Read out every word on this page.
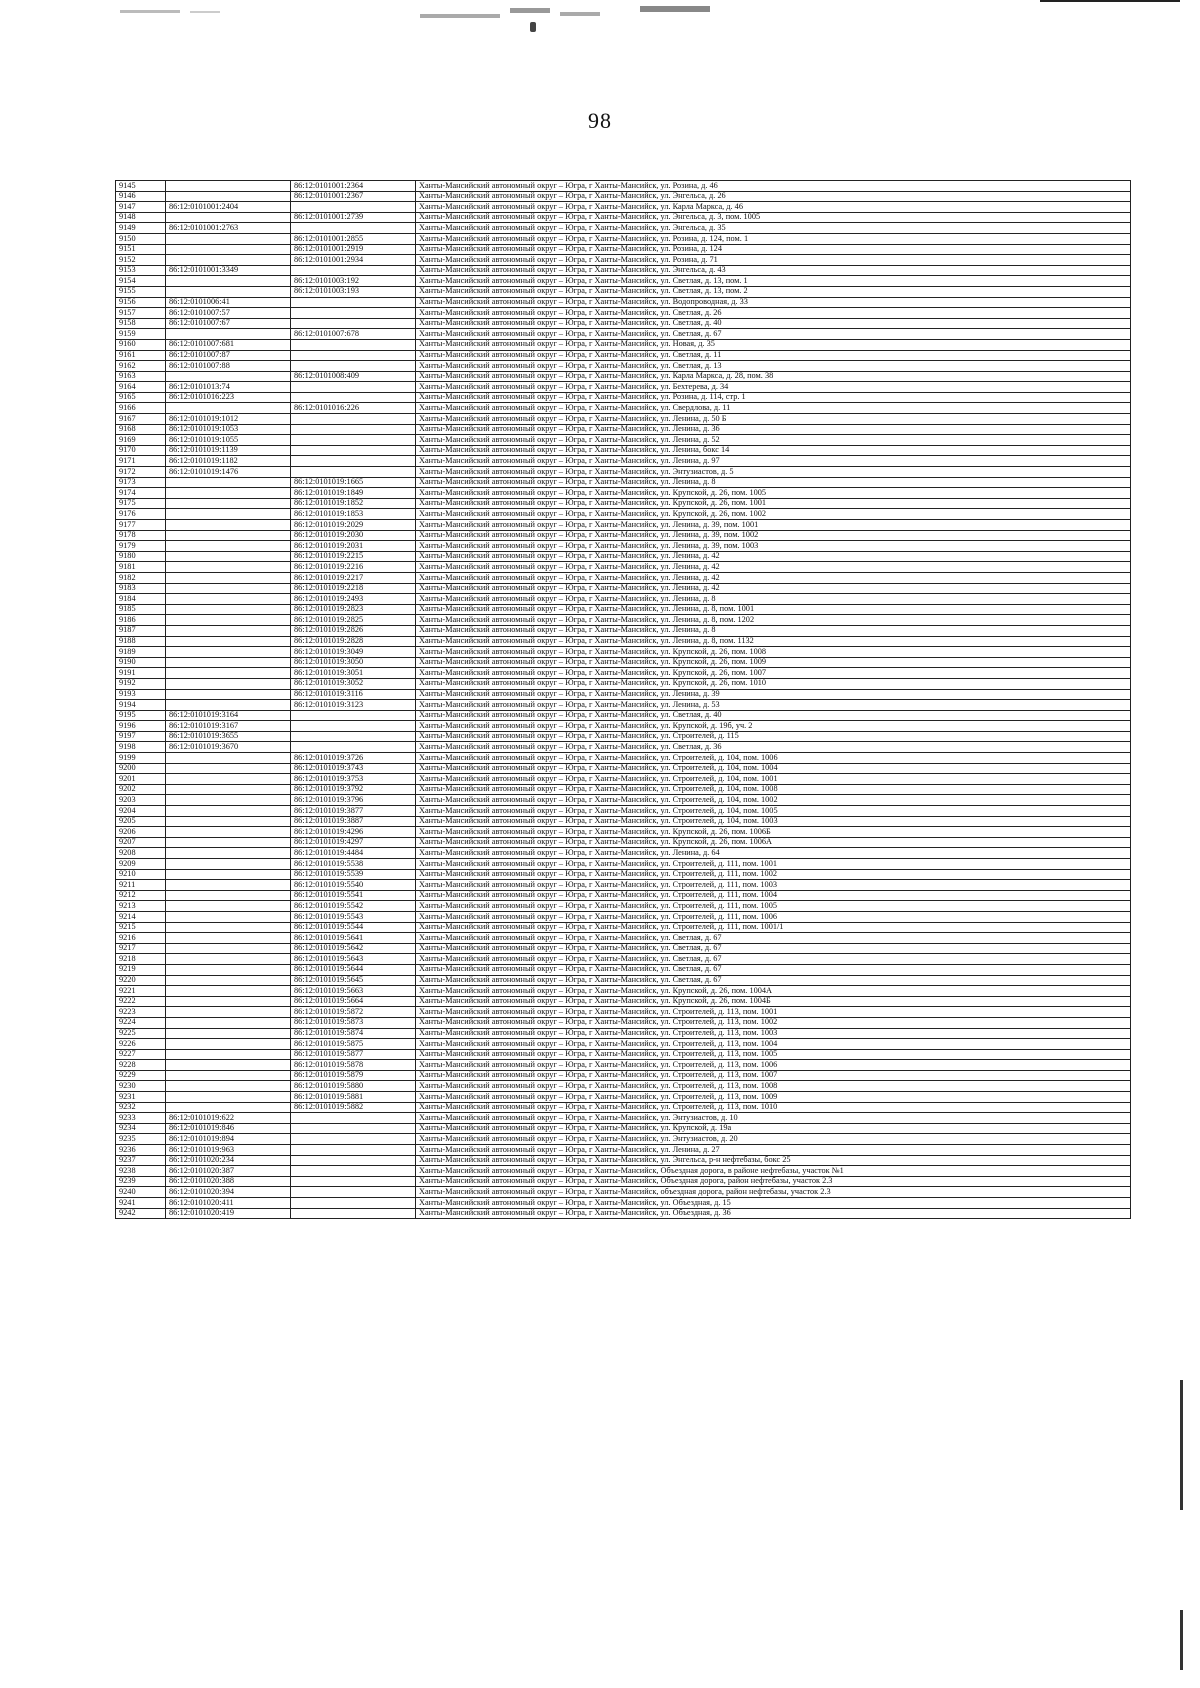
98
9145		86:12:0101001:2364	Ханты-Мансийский автономный округ – Югра, г Ханты-Мансийск, ул. Розина, д. 46
9146		86:12:0101001:2367	Ханты-Мансийский автономный округ – Югра, г Ханты-Мансийск, ул. Энгельса, д. 26
9147	86:12:0101001:2404		Ханты-Мансийский автономный округ – Югра, г Ханты-Мансийск, ул. Карла Маркса, д. 46
9148		86:12:0101001:2739	Ханты-Мансийский автономный округ – Югра, г Ханты-Мансийск, ул. Энгельса, д. 3, пом. 1005
9149	86:12:0101001:2763		Ханты-Мансийский автономный округ – Югра, г Ханты-Мансийск, ул. Энгельса, д. 35
9150		86:12:0101001:2855	Ханты-Мансийский автономный округ – Югра, г Ханты-Мансийск, ул. Розина, д. 124, пом. 1
9151		86:12:0101001:2919	Ханты-Мансийский автономный округ – Югра, г Ханты-Мансийск, ул. Розина, д. 124
9152		86:12:0101001:2934	Ханты-Мансийский автономный округ – Югра, г Ханты-Мансийск, ул. Розина, д. 71
9153	86:12:0101001:3349		Ханты-Мансийский автономный округ – Югра, г Ханты-Мансийск, ул. Энгельса, д. 43
9154		86:12:0101003:192	Ханты-Мансийский автономный округ – Югра, г Ханты-Мансийск, ул. Светлая, д. 13, пом. 1
9155		86:12:0101003:193	Ханты-Мансийский автономный округ – Югра, г Ханты-Мансийск, ул. Светлая, д. 13, пом. 2
9156	86:12:0101006:41		Ханты-Мансийский автономный округ – Югра, г Ханты-Мансийск, ул. Водопроводная, д. 33
9157	86:12:0101007:57		Ханты-Мансийский автономный округ – Югра, г Ханты-Мансийск, ул. Светлая, д. 26
9158	86:12:0101007:67		Ханты-Мансийский автономный округ – Югра, г Ханты-Мансийск, ул. Светлая, д. 40
9159		86:12:0101007:678	Ханты-Мансийский автономный округ – Югра, г Ханты-Мансийск, ул. Светлая, д. 67
9160	86:12:0101007:681		Ханты-Мансийский автономный округ – Югра, г Ханты-Мансийск, ул. Новая, д. 35
9161	86:12:0101007:87		Ханты-Мансийский автономный округ – Югра, г Ханты-Мансийск, ул. Светлая, д. 11
9162	86:12:0101007:88		Ханты-Мансийский автономный округ – Югра, г Ханты-Мансийск, ул. Светлая, д. 13
9163		86:12:0101008:409	Ханты-Мансийский автономный округ – Югра, г Ханты-Мансийск, ул. Карла Маркса, д. 28, пом. 38
9164	86:12:0101013:74		Ханты-Мансийский автономный округ – Югра, г Ханты-Мансийск, ул. Бехтерева, д. 34
9165	86:12:0101016:223		Ханты-Мансийский автономный округ – Югра, г Ханты-Мансийск, ул. Розина, д. 114, стр. 1
9166		86:12:0101016:226	Ханты-Мансийский автономный округ – Югра, г Ханты-Мансийск, ул. Свердлова, д. 11
9167	86:12:0101019:1012		Ханты-Мансийский автономный округ – Югра, г Ханты-Мансийск, ул. Ленина, д. 50 Б
9168	86:12:0101019:1053		Ханты-Мансийский автономный округ – Югра, г Ханты-Мансийск, ул. Ленина, д. 36
9169	86:12:0101019:1055		Ханты-Мансийский автономный округ – Югра, г Ханты-Мансийск, ул. Ленина, д. 52
9170	86:12:0101019:1139		Ханты-Мансийский автономный округ – Югра, г Ханты-Мансийск, ул. Ленина, бокс 14
9171	86:12:0101019:1182		Ханты-Мансийский автономный округ – Югра, г Ханты-Мансийск, ул. Ленина, д. 97
9172	86:12:0101019:1476		Ханты-Мансийский автономный округ – Югра, г Ханты-Мансийск, ул. Энтузиастов, д. 5
9173		86:12:0101019:1665	Ханты-Мансийский автономный округ – Югра, г Ханты-Мансийск, ул. Ленина, д. 8
9174		86:12:0101019:1849	Ханты-Мансийский автономный округ – Югра, г Ханты-Мансийск, ул. Крупской, д. 26, пом. 1005
9175		86:12:0101019:1852	Ханты-Мансийский автономный округ – Югра, г Ханты-Мансийск, ул. Крупской, д. 26, пом. 1001
9176		86:12:0101019:1853	Ханты-Мансийский автономный округ – Югра, г Ханты-Мансийск, ул. Крупской, д. 26, пом. 1002
9177		86:12:0101019:2029	Ханты-Мансийский автономный округ – Югра, г Ханты-Мансийск, ул. Ленина, д. 39, пом. 1001
9178		86:12:0101019:2030	Ханты-Мансийский автономный округ – Югра, г Ханты-Мансийск, ул. Ленина, д. 39, пом. 1002
9179		86:12:0101019:2031	Ханты-Мансийский автономный округ – Югра, г Ханты-Мансийск, ул. Ленина, д. 39, пом. 1003
9180		86:12:0101019:2215	Ханты-Мансийский автономный округ – Югра, г Ханты-Мансийск, ул. Ленина, д. 42
9181		86:12:0101019:2216	Ханты-Мансийский автономный округ – Югра, г Ханты-Мансийск, ул. Ленина, д. 42
9182		86:12:0101019:2217	Ханты-Мансийский автономный округ – Югра, г Ханты-Мансийск, ул. Ленина, д. 42
9183		86:12:0101019:2218	Ханты-Мансийский автономный округ – Югра, г Ханты-Мансийск, ул. Ленина, д. 42
9184		86:12:0101019:2493	Ханты-Мансийский автономный округ – Югра, г Ханты-Мансийск, ул. Ленина, д. 8
9185		86:12:0101019:2823	Ханты-Мансийский автономный округ – Югра, г Ханты-Мансийск, ул. Ленина, д. 8, пом. 1001
9186		86:12:0101019:2825	Ханты-Мансийский автономный округ – Югра, г Ханты-Мансийск, ул. Ленина, д. 8, пом. 1202
9187		86:12:0101019:2826	Ханты-Мансийский автономный округ – Югра, г Ханты-Мансийск, ул. Ленина, д. 8
9188		86:12:0101019:2828	Ханты-Мансийский автономный округ – Югра, г Ханты-Мансийск, ул. Ленина, д. 8, пом. 1132
9189		86:12:0101019:3049	Ханты-Мансийский автономный округ – Югра, г Ханты-Мансийск, ул. Крупской, д. 26, пом. 1008
9190		86:12:0101019:3050	Ханты-Мансийский автономный округ – Югра, г Ханты-Мансийск, ул. Крупской, д. 26, пом. 1009
9191		86:12:0101019:3051	Ханты-Мансийский автономный округ – Югра, г Ханты-Мансийск, ул. Крупской, д. 26, пом. 1007
9192		86:12:0101019:3052	Ханты-Мансийский автономный округ – Югра, г Ханты-Мансийск, ул. Крупской, д. 26, пом. 1010
9193		86:12:0101019:3116	Ханты-Мансийский автономный округ – Югра, г Ханты-Мансийск, ул. Ленина, д. 39
9194		86:12:0101019:3123	Ханты-Мансийский автономный округ – Югра, г Ханты-Мансийск, ул. Ленина, д. 53
9195	86:12:0101019:3164		Ханты-Мансийский автономный округ – Югра, г Ханты-Мансийск, ул. Светлая, д. 40
9196	86:12:0101019:3167		Ханты-Мансийский автономный округ – Югра, г Ханты-Мансийск, ул. Крупской, д. 19б, уч. 2
9197	86:12:0101019:3655		Ханты-Мансийский автономный округ – Югра, г Ханты-Мансийск, ул. Строителей, д. 115
9198	86:12:0101019:3670		Ханты-Мансийский автономный округ – Югра, г Ханты-Мансийск, ул. Светлая, д. 36
9199		86:12:0101019:3726	Ханты-Мансийский автономный округ – Югра, г Ханты-Мансийск, ул. Строителей, д. 104, пом. 1006
9200		86:12:0101019:3743	Ханты-Мансийский автономный округ – Югра, г Ханты-Мансийск, ул. Строителей, д. 104, пом. 1004
9201		86:12:0101019:3753	Ханты-Мансийский автономный округ – Югра, г Ханты-Мансийск, ул. Строителей, д. 104, пом. 1001
9202		86:12:0101019:3792	Ханты-Мансийский автономный округ – Югра, г Ханты-Мансийск, ул. Строителей, д. 104, пом. 1008
9203		86:12:0101019:3796	Ханты-Мансийский автономный округ – Югра, г Ханты-Мансийск, ул. Строителей, д. 104, пом. 1002
9204		86:12:0101019:3877	Ханты-Мансийский автономный округ – Югра, г Ханты-Мансийск, ул. Строителей, д. 104, пом. 1005
9205		86:12:0101019:3887	Ханты-Мансийский автономный округ – Югра, г Ханты-Мансийск, ул. Строителей, д. 104, пом. 1003
9206		86:12:0101019:4296	Ханты-Мансийский автономный округ – Югра, г Ханты-Мансийск, ул. Крупской, д. 26, пом. 1006Б
9207		86:12:0101019:4297	Ханты-Мансийский автономный округ – Югра, г Ханты-Мансийск, ул. Крупской, д. 26, пом. 1006А
9208		86:12:0101019:4484	Ханты-Мансийский автономный округ – Югра, г Ханты-Мансийск, ул. Ленина, д. 64
9209		86:12:0101019:5538	Ханты-Мансийский автономный округ – Югра, г Ханты-Мансийск, ул. Строителей, д. 111, пом. 1001
9210		86:12:0101019:5539	Ханты-Мансийский автономный округ – Югра, г Ханты-Мансийск, ул. Строителей, д. 111, пом. 1002
9211		86:12:0101019:5540	Ханты-Мансийский автономный округ – Югра, г Ханты-Мансийск, ул. Строителей, д. 111, пом. 1003
9212		86:12:0101019:5541	Ханты-Мансийский автономный округ – Югра, г Ханты-Мансийск, ул. Строителей, д. 111, пом. 1004
9213		86:12:0101019:5542	Ханты-Мансийский автономный округ – Югра, г Ханты-Мансийск, ул. Строителей, д. 111, пом. 1005
9214		86:12:0101019:5543	Ханты-Мансийский автономный округ – Югра, г Ханты-Мансийск, ул. Строителей, д. 111, пом. 1006
9215		86:12:0101019:5544	Ханты-Мансийский автономный округ – Югра, г Ханты-Мансийск, ул. Строителей, д. 111, пом. 1001/1
9216		86:12:0101019:5641	Ханты-Мансийский автономный округ – Югра, г Ханты-Мансийск, ул. Светлая, д. 67
9217		86:12:0101019:5642	Ханты-Мансийский автономный округ – Югра, г Ханты-Мансийск, ул. Светлая, д. 67
9218		86:12:0101019:5643	Ханты-Мансийский автономный округ – Югра, г Ханты-Мансийск, ул. Светлая, д. 67
9219		86:12:0101019:5644	Ханты-Мансийский автономный округ – Югра, г Ханты-Мансийск, ул. Светлая, д. 67
9220		86:12:0101019:5645	Ханты-Мансийский автономный округ – Югра, г Ханты-Мансийск, ул. Светлая, д. 67
9221		86:12:0101019:5663	Ханты-Мансийский автономный округ – Югра, г Ханты-Мансийск, ул. Крупской, д. 26, пом. 1004А
9222		86:12:0101019:5664	Ханты-Мансийский автономный округ – Югра, г Ханты-Мансийск, ул. Крупской, д. 26, пом. 1004Б
9223		86:12:0101019:5872	Ханты-Мансийский автономный округ – Югра, г Ханты-Мансийск, ул. Строителей, д. 113, пом. 1001
9224		86:12:0101019:5873	Ханты-Мансийский автономный округ – Югра, г Ханты-Мансийск, ул. Строителей, д. 113, пом. 1002
9225		86:12:0101019:5874	Ханты-Мансийский автономный округ – Югра, г Ханты-Мансийск, ул. Строителей, д. 113, пом. 1003
9226		86:12:0101019:5875	Ханты-Мансийский автономный округ – Югра, г Ханты-Мансийск, ул. Строителей, д. 113, пом. 1004
9227		86:12:0101019:5877	Ханты-Мансийский автономный округ – Югра, г Ханты-Мансийск, ул. Строителей, д. 113, пом. 1005
9228		86:12:0101019:5878	Ханты-Мансийский автономный округ – Югра, г Ханты-Мансийск, ул. Строителей, д. 113, пом. 1006
9229		86:12:0101019:5879	Ханты-Мансийский автономный округ – Югра, г Ханты-Мансийск, ул. Строителей, д. 113, пом. 1007
9230		86:12:0101019:5880	Ханты-Мансийский автономный округ – Югра, г Ханты-Мансийск, ул. Строителей, д. 113, пом. 1008
9231		86:12:0101019:5881	Ханты-Мансийский автономный округ – Югра, г Ханты-Мансийск, ул. Строителей, д. 113, пом. 1009
9232		86:12:0101019:5882	Ханты-Мансийский автономный округ – Югра, г Ханты-Мансийск, ул. Строителей, д. 113, пом. 1010
9233	86:12:0101019:622		Ханты-Мансийский автономный округ – Югра, г Ханты-Мансийск, ул. Энтузиастов, д. 10
9234	86:12:0101019:846		Ханты-Мансийский автономный округ – Югра, г Ханты-Мансийск, ул. Крупской, д. 19а
9235	86:12:0101019:894		Ханты-Мансийский автономный округ – Югра, г Ханты-Мансийск, ул. Энтузиастов, д. 20
9236	86:12:0101019:963		Ханты-Мансийский автономный округ – Югра, г Ханты-Мансийск, ул. Ленина, д. 27
9237	86:12:0101020:234		Ханты-Мансийский автономный округ – Югра, г Ханты-Мансийск, ул. Энгельса, р-н нефтебазы, бокс 25
9238	86:12:0101020:387		Ханты-Мансийский автономный округ – Югра, г Ханты-Мансийск, Объездная дорога, в районе нефтебазы, участок №1
9239	86:12:0101020:388		Ханты-Мансийский автономный округ – Югра, г Ханты-Мансийск, Объездная дорога, район нефтебазы, участок 2.3
9240	86:12:0101020:394		Ханты-Мансийский автономный округ – Югра, г Ханты-Мансийск, объездная дорога, район нефтебазы, участок 2.3
9241	86:12:0101020:411		Ханты-Мансийский автономный округ – Югра, г Ханты-Мансийск, ул. Объездная, д. 15
9242	86:12:0101020:419		Ханты-Мансийский автономный округ – Югра, г Ханты-Мансийск, ул. Объездная, д. 36
